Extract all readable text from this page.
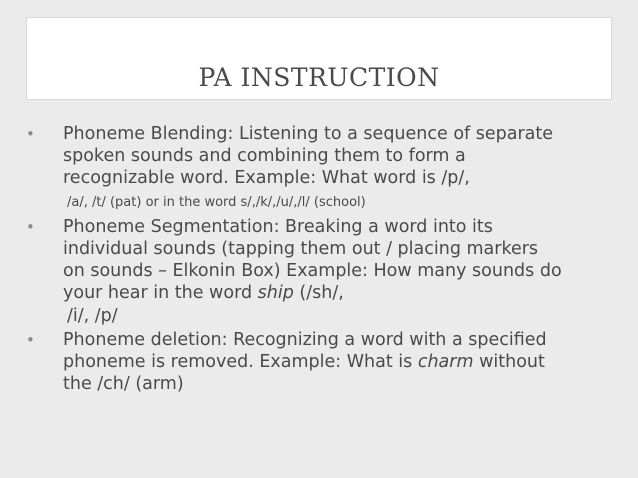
PA INSTRUCTION
• Phoneme Blending: Listening to a sequence of separate
spoken sounds and combining them to form a
recognizable word. Example: What word is /p/,
/a/, /t/ (pat) or in the word s/,/k/,/u/,/l/ (school)
• Phoneme Segmentation: Breaking a word into its
individual sounds (tapping them out / placing markers
on sounds – Elkonin Box) Example: How many sounds do
your hear in the word ship (/sh/,
/i/, /p/
• Phoneme deletion: Recognizing a word with a specified
phoneme is removed. Example: What is charm without
the /ch/ (arm)
